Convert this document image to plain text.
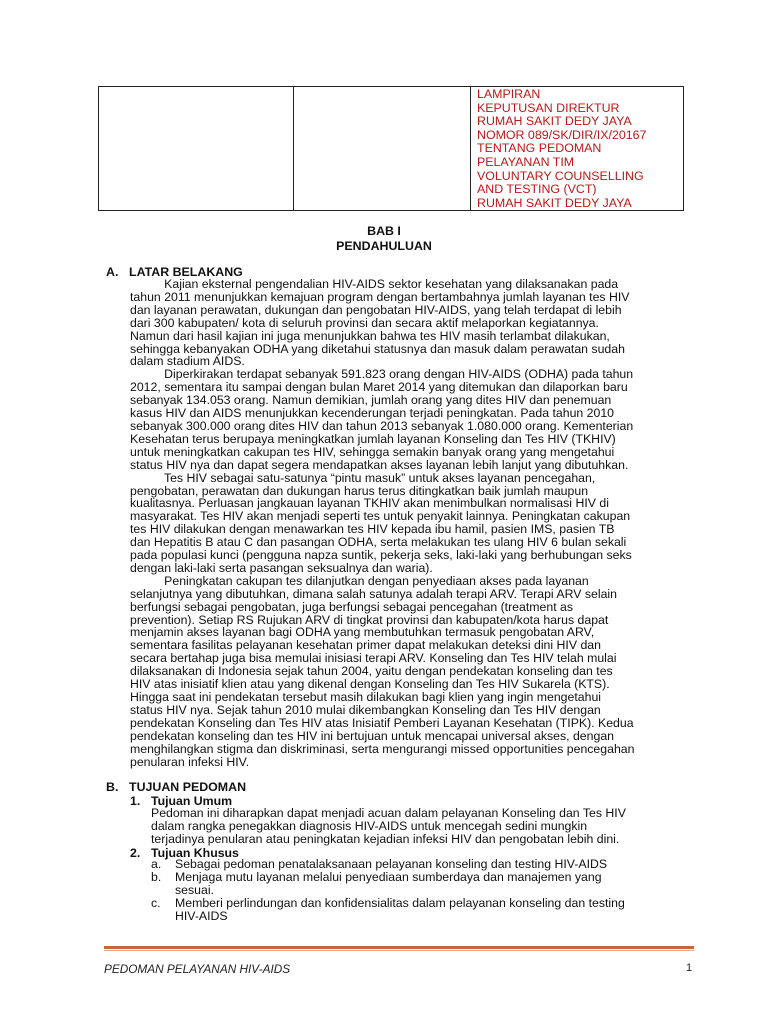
LAMPIRAN
KEPUTUSAN DIREKTUR
RUMAH SAKIT DEDY JAYA
NOMOR 089/SK/DIR/IX/20167
TENTANG PEDOMAN
PELAYANAN TIM
VOLUNTARY COUNSELLING
AND TESTING (VCT)
RUMAH SAKIT DEDY JAYA
BAB I
PENDAHULUAN
A. LATAR BELAKANG
Kajian eksternal pengendalian HIV-AIDS sektor kesehatan yang dilaksanakan pada
tahun 2011 menunjukkan kemajuan program dengan bertambahnya jumlah layanan tes HIV
dan layanan perawatan, dukungan dan pengobatan HIV-AIDS, yang telah terdapat di lebih
dari 300 kabupaten/ kota di seluruh provinsi dan secara aktif melaporkan kegiatannya.
Namun dari hasil kajian ini juga menunjukkan bahwa tes HIV masih terlambat dilakukan,
sehingga kebanyakan ODHA yang diketahui statusnya dan masuk dalam perawatan sudah
dalam stadium AIDS.
Diperkirakan terdapat sebanyak 591.823 orang dengan HIV-AIDS (ODHA) pada tahun
2012, sementara itu sampai dengan bulan Maret 2014 yang ditemukan dan dilaporkan baru
sebanyak 134.053 orang. Namun demikian, jumlah orang yang dites HIV dan penemuan
kasus HIV dan AIDS menunjukkan kecenderungan terjadi peningkatan. Pada tahun 2010
sebanyak 300.000 orang dites HIV dan tahun 2013 sebanyak 1.080.000 orang. Kementerian
Kesehatan terus berupaya meningkatkan jumlah layanan Konseling dan Tes HIV (TKHIV)
untuk meningkatkan cakupan tes HIV, sehingga semakin banyak orang yang mengetahui
status HIV nya dan dapat segera mendapatkan akses layanan lebih lanjut yang dibutuhkan.
Tes HIV sebagai satu-satunya “pintu masuk” untuk akses layanan pencegahan,
pengobatan, perawatan dan dukungan harus terus ditingkatkan baik jumlah maupun
kualitasnya. Perluasan jangkauan layanan TKHIV akan menimbulkan normalisasi HIV di
masyarakat. Tes HIV akan menjadi seperti tes untuk penyakit lainnya. Peningkatan cakupan
tes HIV dilakukan dengan menawarkan tes HIV kepada ibu hamil, pasien IMS, pasien TB
dan Hepatitis B atau C dan pasangan ODHA, serta melakukan tes ulang HIV 6 bulan sekali
pada populasi kunci (pengguna napza suntik, pekerja seks, laki-laki yang berhubungan seks
dengan laki-laki serta pasangan seksualnya dan waria).
Peningkatan cakupan tes dilanjutkan dengan penyediaan akses pada layanan
selanjutnya yang dibutuhkan, dimana salah satunya adalah terapi ARV. Terapi ARV selain
berfungsi sebagai pengobatan, juga berfungsi sebagai pencegahan (treatment as
prevention). Setiap RS Rujukan ARV di tingkat provinsi dan kabupaten/kota harus dapat
menjamin akses layanan bagi ODHA yang membutuhkan termasuk pengobatan ARV,
sementara fasilitas pelayanan kesehatan primer dapat melakukan deteksi dini HIV dan
secara bertahap juga bisa memulai inisiasi terapi ARV. Konseling dan Tes HIV telah mulai
dilaksanakan di Indonesia sejak tahun 2004, yaitu dengan pendekatan konseling dan tes
HIV atas inisiatif klien atau yang dikenal dengan Konseling dan Tes HIV Sukarela (KTS).
Hingga saat ini pendekatan tersebut masih dilakukan bagi klien yang ingin mengetahui
status HIV nya. Sejak tahun 2010 mulai dikembangkan Konseling dan Tes HIV dengan
pendekatan Konseling dan Tes HIV atas Inisiatif Pemberi Layanan Kesehatan (TIPK). Kedua
pendekatan konseling dan tes HIV ini bertujuan untuk mencapai universal akses, dengan
menghilangkan stigma dan diskriminasi, serta mengurangi missed opportunities pencegahan
penularan infeksi HIV.
B. TUJUAN PEDOMAN
1. Tujuan Umum
Pedoman ini diharapkan dapat menjadi acuan dalam pelayanan Konseling dan Tes HIV
dalam rangka penegakkan diagnosis HIV-AIDS untuk mencegah sedini mungkin
terjadinya penularan atau peningkatan kejadian infeksi HIV dan pengobatan lebih dini.
2. Tujuan Khusus
a. Sebagai pedoman penatalaksanaan pelayanan konseling dan testing HIV-AIDS
b. Menjaga mutu layanan melalui penyediaan sumberdaya dan manajemen yang
sesuai.
c. Memberi perlindungan dan konfidensialitas dalam pelayanan konseling dan testing
HIV-AIDS
PEDOMAN PELAYANAN HIV-AIDS	1
